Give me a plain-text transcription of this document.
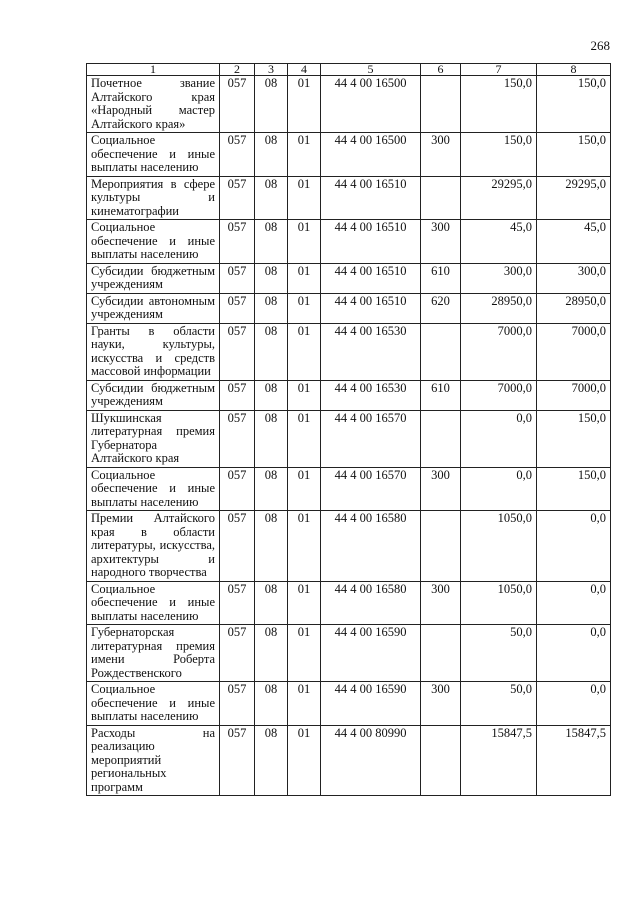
268
1	2	3	4	5	6	7	8
Почетное звание Алтайского края «Народный мастер Алтайского края»	057	08	01	44 4 00 16500		150,0	150,0
Социальное обеспечение и иные выплаты населению	057	08	01	44 4 00 16500	300	150,0	150,0
Мероприятия в сфере культуры и кинематографии	057	08	01	44 4 00 16510		29295,0	29295,0
Социальное обеспечение и иные выплаты населению	057	08	01	44 4 00 16510	300	45,0	45,0
Субсидии бюджетным учреждениям	057	08	01	44 4 00 16510	610	300,0	300,0
Субсидии автономным учреждениям	057	08	01	44 4 00 16510	620	28950,0	28950,0
Гранты в области науки, культуры, искусства и средств массовой информации	057	08	01	44 4 00 16530		7000,0	7000,0
Субсидии бюджетным учреждениям	057	08	01	44 4 00 16530	610	7000,0	7000,0
Шукшинская литературная премия Губернатора Алтайского края	057	08	01	44 4 00 16570		0,0	150,0
Социальное обеспечение и иные выплаты населению	057	08	01	44 4 00 16570	300	0,0	150,0
Премии Алтайского края в области литературы, искусства, архитектуры и народного творчества	057	08	01	44 4 00 16580		1050,0	0,0
Социальное обеспечение и иные выплаты населению	057	08	01	44 4 00 16580	300	1050,0	0,0
Губернаторская литературная премия имени Роберта Рождественского	057	08	01	44 4 00 16590		50,0	0,0
Социальное обеспечение и иные выплаты населению	057	08	01	44 4 00 16590	300	50,0	0,0
Расходы на реализацию мероприятий региональных программ	057	08	01	44 4 00 80990		15847,5	15847,5
